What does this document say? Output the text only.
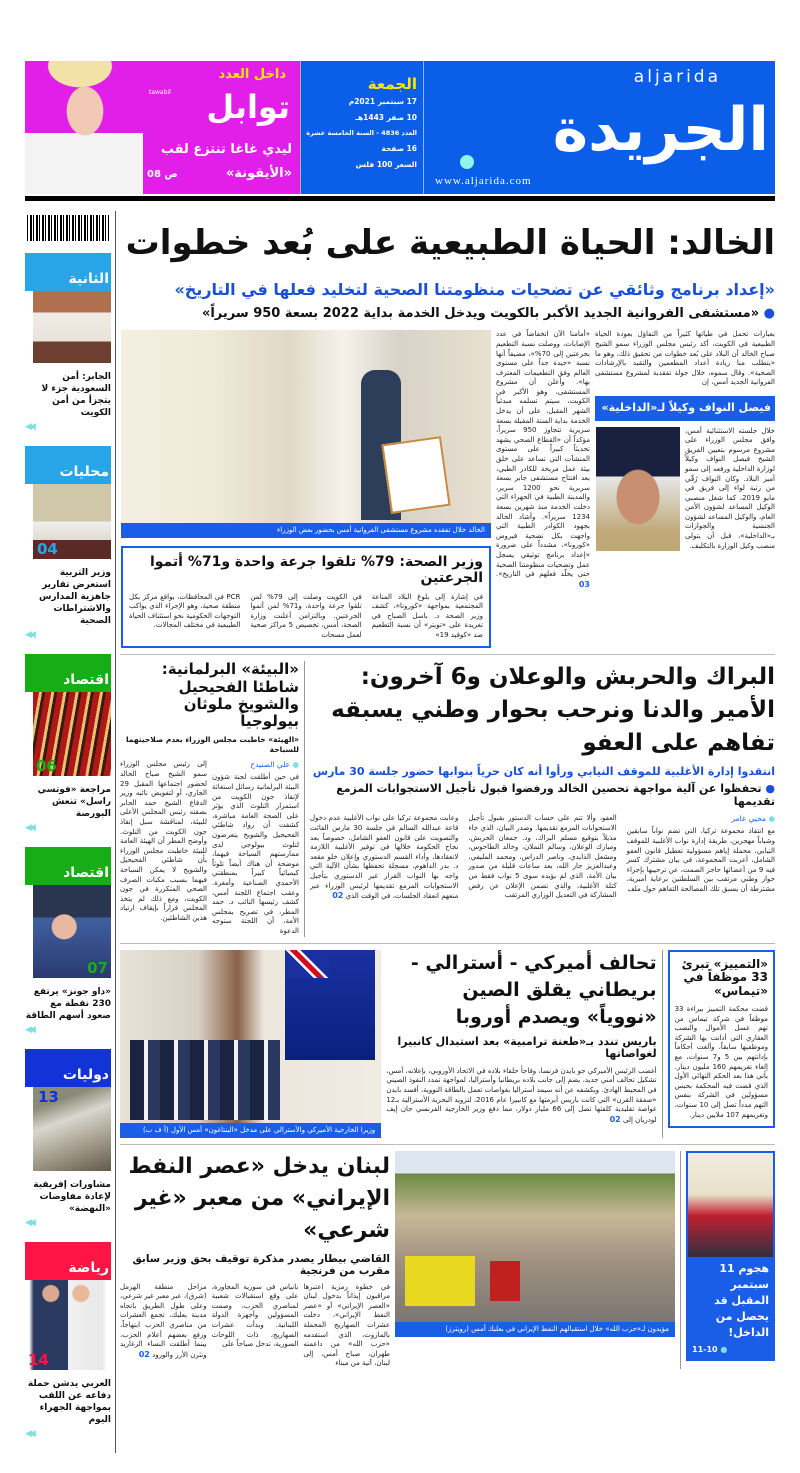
aljarida
الجريدة
www.aljarida.com
الجمعة
17 سبتمبر 2021م
10 صفر 1443هـ
العدد 4836 - السنة الخامسة عشرة
16 صفحة
السعر 100 فلس
داخل العدد
توابل
tawabil
ليدي غاغا تنتزع لقب
«الأيقونة»
ص 08
الخالد: الحياة الطبيعية على بُعد خطوات
«إعداد برنامج وثائقي عن تضحيات منظومتنا الصحية لتخليد فعلها في التاريخ»
● «مستشفى الفروانية الجديد الأكبر بالكويت ويدخل الخدمة بداية 2022 بسعة 950 سريراً»
بعبارات تحمل في طياتها كثيراً من التفاؤل بعودة الحياة الطبيعية في الكويت، أكد رئيس مجلس الوزراء سمو الشيخ صباح الخالد أن البلاد على بُعد خطوات من تحقيق ذلك، وهو ما «يتطلب منا زيادة أعداد المطعمين والتقيد بالإرشادات الصحية». وقال سموه، خلال جولة تفقدية لمشروع مستشفى الفروانية الجديد أمس، إن
فيصل النواف وكيلاً لـ«الداخلية»
خلال جلسته الاستثنائية أمس، وافق مجلس الوزراء على مشروع مرسوم بتعيين الفريق الشيخ فيصل النواف وكيلاً لوزارة الداخلية ورفعه إلى سمو أمير البلاد. وكان النواف رُقّي من رتبة لواء إلى فريق في مايو 2019، كما شغل منصبي الوكيل المساعد لشؤون الأمن العام، والوكيل المساعد لشؤون الجنسية والجوازات بـ«الداخلية»، قبل أن يتولى منصب وكيل الوزارة بالتكليف.
«أمامنا الآن انخفاضاً في عدد الإصابات، ووصلت نسبة التطعيم بجرعتين إلى 70%»، مضيفاً أنها نسبة «جيدة جداً على مستوى العالم وفق التطعيمات المعترف بها». وأعلن أن مشروع المستشفى، وهو الأكبر في الكويت، سيتم تسلمه مبدئياً الشهر المقبل، على أن يدخل الخدمة بداية السنة المقبلة بسعة سريرية تتجاوز 950 سريراً، مؤكداً أن «القطاع الصحي يشهد تحديثاً كبيراً على مستوى المنشآت التي تساعد على خلق بيئة عمل مريحة للكادر الطبي، بعد افتتاح مستشفى جابر بسعة سريرية نحو 1200 سرير، والمدينة الطبية في الجهراء التي دخلت الخدمة منذ شهرين بسعة 1234 سريراً». وأشاد الخالد بجهود الكوادر الطبية التي واجهت بكل تضحية فيروس «كورونا»، مشدداً على ضرورة «إعداد برنامج توثيقي يسجل عمل وتضحيات منظومتنا الصحية حتى يخلّد فعلهم في التاريخ». 03
الخالد خلال تفقده مشروع مستشفى الفروانية أمس بحضور بعض الوزراء
وزير الصحة: 79% تلقوا جرعة واحدة و71% أتموا الجرعتين
في إشارة إلى بلوغ البلاد المناعة المجتمعية بمواجهة «كورونا»، كشف وزير الصحة د. باسل الصباح في تغريدة على «تويتر» أن نسبة التطعيم ضد «كوفيد 19»
في الكويت وصلت إلى 79% لمن تلقوا جرعة واحدة، و71% لمن أتموا الجرعتين. وبالتزامن أعلنت وزارة الصحة، أمس، تخصيص 5 مراكز صحية لعمل مسحات
PCR في المحافظات، بواقع مركز بكل منطقة صحية، وهو الإجراء الذي يواكب التوجهات الحكومية نحو استئناف الحياة الطبيعية في مختلف المجالات.
البراك والحربش والوعلان و6 آخرون: الأمير والدنا ونرحب بحوار وطني يسبقه تفاهم على العفو
انتقدوا إدارة الأغلبية للموقف النيابي ورأوا أنه كان حرياً بنوابها حضور جلسة 30 مارس
● تحفظوا عن آلية مواجهة تحصين الخالد ورفضوا قبول تأجيل الاستجوابات المزمع تقديمها
● محيي عامر
مع انتقاد مجموعة تركيا، التي تضم نواباً سابقين وشباباً مهجرين، طريقة إدارة نواب الأغلبية للموقف النيابي، محملة إياهم مسؤولية تعطيل قانون العفو الشامل، أعربت المجموعة، في بيان مشترك كسر فيه 9 من أعضائها حاجز الصمت، عن ترحيبها بإجراء حوار وطني مرتقب بين السلطتين برعاية أميرية، مشترطة أن يسبق تلك المصالحة التفاهم حول ملف
العفو، وألا تتم على حساب الدستور بقبول تأجيل الاستجوابات المزمع تقديمها. وصدر البيان، الذي جاء مذيلاً بتوقيع مسلم البراك، ود. جمعان الحربش، ومبارك الوعلان، وسالم النملان، وخالد الطاحوس، ومشعل الذايدي، وناصر الدراس، ومحمد المليفي، وعبدالعزيز جار الله، بعد ساعات قليلة من صدور بيان الأمة، الذي لم يؤيده سوى 5 نواب فقط من كتلة الأغلبية، والذي تضمن الإعلان عن رفض المشاركة في التعديل الوزاري المرتقب
وعابت مجموعة تركيا على نواب الأغلبية عدم دخول قاعة عبدالله السالم في جلسة 30 مارس الفائت والتصويت على قانون العفو الشامل، خصوصاً بعد نجاح الحكومة خلالها في توفير الأغلبية اللازمة لانعقادها، وأداء القسم الدستوري وإعلان خلو مقعد د. بدر الداهوم، مسجلة تحفظها بشأن الآلية التي واجه بها النواب القرار غير الدستوري بتأجيل الاستجوابات المزمع تقديمها لرئيس الوزراء عبر منعهم انعقاد الجلسات، في الوقت الذي 02
«البيئة» البرلمانية: شاطئا الفحيحيل والشويخ ملوثان بيولوجياً
«الهيئة» خاطبت مجلس الوزراء بعدم صلاحيتهما للسباحة
● علي الصنيدح
في حين أطلقت لجنة شؤون البيئة البرلمانية رسائل استغاثة لإنقاذ جون الكويت من استمرار التلوث الذي يؤثر على الصحة العامة مباشرة، كشفت أن رواد شاطئي الفحيحيل والشويخ يتعرضون لتلوث بيولوجي لدى ممارستهم السباحة فيهما، موضحة أن هناك أيضاً تلوثاً كيميائياً كبيراً بمنطقتي الأحمدي الصناعية وأمغرة. وعقب اجتماع اللجنة أمس، كشف رئيسها النائب د. حمد المطر، في تصريح بمجلس الأمة، أن اللجنة ستوجه الدعوة
إلى رئيس مجلس الوزراء سمو الشيخ صباح الخالد لحضور اجتماعها المقبل 29 الجاري، أو لتفويض نائبه وزير الدفاع الشيخ حمد الجابر بصفته رئيس المجلس الأعلى للبيئة، لمناقشة سبل إنقاذ جون الكويت من التلوث. وأوضح المطر أن الهيئة العامة للبيئة خاطبت مجلس الوزراء بأن شاطئي الفحيحيل والشويخ لا يمكن السباحة فيهما بسبب مكبات الصرف الصحي المتكررة في جون الكويت، ومع ذلك لم يتخذ المجلس قراراً بإيقاف ارتياد هذين الشاطئين.
«التمييز» تبرئ 33 موظفاً في «تيماس»
قضت محكمة التمييز ببراءة 33 موظفاً في شركة تيماس من تهم غسل الأموال والنصب العقاري التي أدانت بها الشركة وموظفيها سابقاً، وألغت أحكاماً بإدانتهم بين 5 و7 سنوات، مع إلغاء تغريمهم 160 مليون دينار. يأتي هذا بعد الحكم النهائي الأول الذي قضت فيه المحكمة بحبس مسؤولين في الشركة بنفس التهم مدداً تصل إلى 10 سنوات، وتغريمهم 107 ملايين دينار.
تحالف أميركي - أسترالي - بريطاني يقلق الصين «نووياً» ويصدم أوروبا
باريس تندد بـ«طعنة ترامبية» بعد استبدال كانبيرا لغواصاتها
أغضب الرئيس الأميركي جو بايدن فرنسا، وفاجأ حلفاء بلاده في الاتحاد الأوروبي، بإعلانه، أمس، تشكيل تحالف أمني جديد، يضم إلى جانب بلاده بريطانيا وأستراليا، لمواجهة تمدد النفوذ الصيني في المحيط الهادئ. وبكشفه عن أنه سيمد أستراليا بغواصات تعمل بالطاقة النووية، أفسد بايدن «صفقة القرن» التي كانت باريس أبرمتها مع كانبيرا عام 2016، لتزويد البحرية الأسترالية بـ12 غواصة تقليدية كلفتها تصل إلى 66 مليار دولار، مما دفع وزير الخارجية الفرنسي جان إيف لودريان إلى 02
وزيرا الخارجية الأميركي والأسترالي على مدخل «البنتاغون» أمس الأول (أ ف ب)
هجوم 11 سبتمبر المقبل قد يحصل من الداخل!
11-10 ●
مؤيدون لـ«حزب الله» خلال استقبالهم النفط الإيراني في بعلبك أمس (رويترز)
لبنان يدخل «عصر النفط الإيراني» من معبر «غير شرعي»
القاضي بيطار يصدر مذكرة توقيف بحق وزير سابق مقرب من فرنجية
في خطوة رمزية اعتبرها مراقبون إيذاناً بدخول لبنان «العصر الإيراني» أو «عصر النفط الإيراني»، دخلت عشرات الصهاريج المحملة بالمازوت، الذي استقدمه «حزب الله» من داعمته طهران، صباح أمس، إلى لبنان، آتية من ميناء
بانياس في سورية المجاورة، على وقع استقبالات شعبية لمناصري الحزب، وصمت المسؤولين وأجهزة الدولة اللبنانية. وبدأت عشرات الصهاريج، ذات اللوحات السورية، تدخل صباحاً على
مراحل منطقة الهرمل (شرق)، عبر معبر غير شرعي، وعلى طول الطريق باتجاه مدينة بعلبك، تجمع العشرات من مناصري الحزب ابتهاجاً، ورفع بعضهم أعلام الحزب، بينما أطلقت النساء الزغاريد ونثرن الأرز والورود 02
الثانية
الجابر: أمن السعودية جزء لا يتجزأ من أمن الكويت
◀◀
محليات
04
وزير التربية استعرض تقارير جاهزية المدارس والاشتراطات الصحية
◀◀
اقتصاد
06
مراجعة «فوتسي راسل» تنعش البورصة
◀◀
اقتصاد
07
«داو جونز» يرتفع 230 نقطة مع صعود أسهم الطاقة
◀◀
دوليات
13
مشاورات إفريقية لإعادة مفاوضات «النهضة»
◀◀
رياضة
14
العربي يدشن حملة دفاعه عن اللقب بمواجهة الجهراء اليوم
◀◀
